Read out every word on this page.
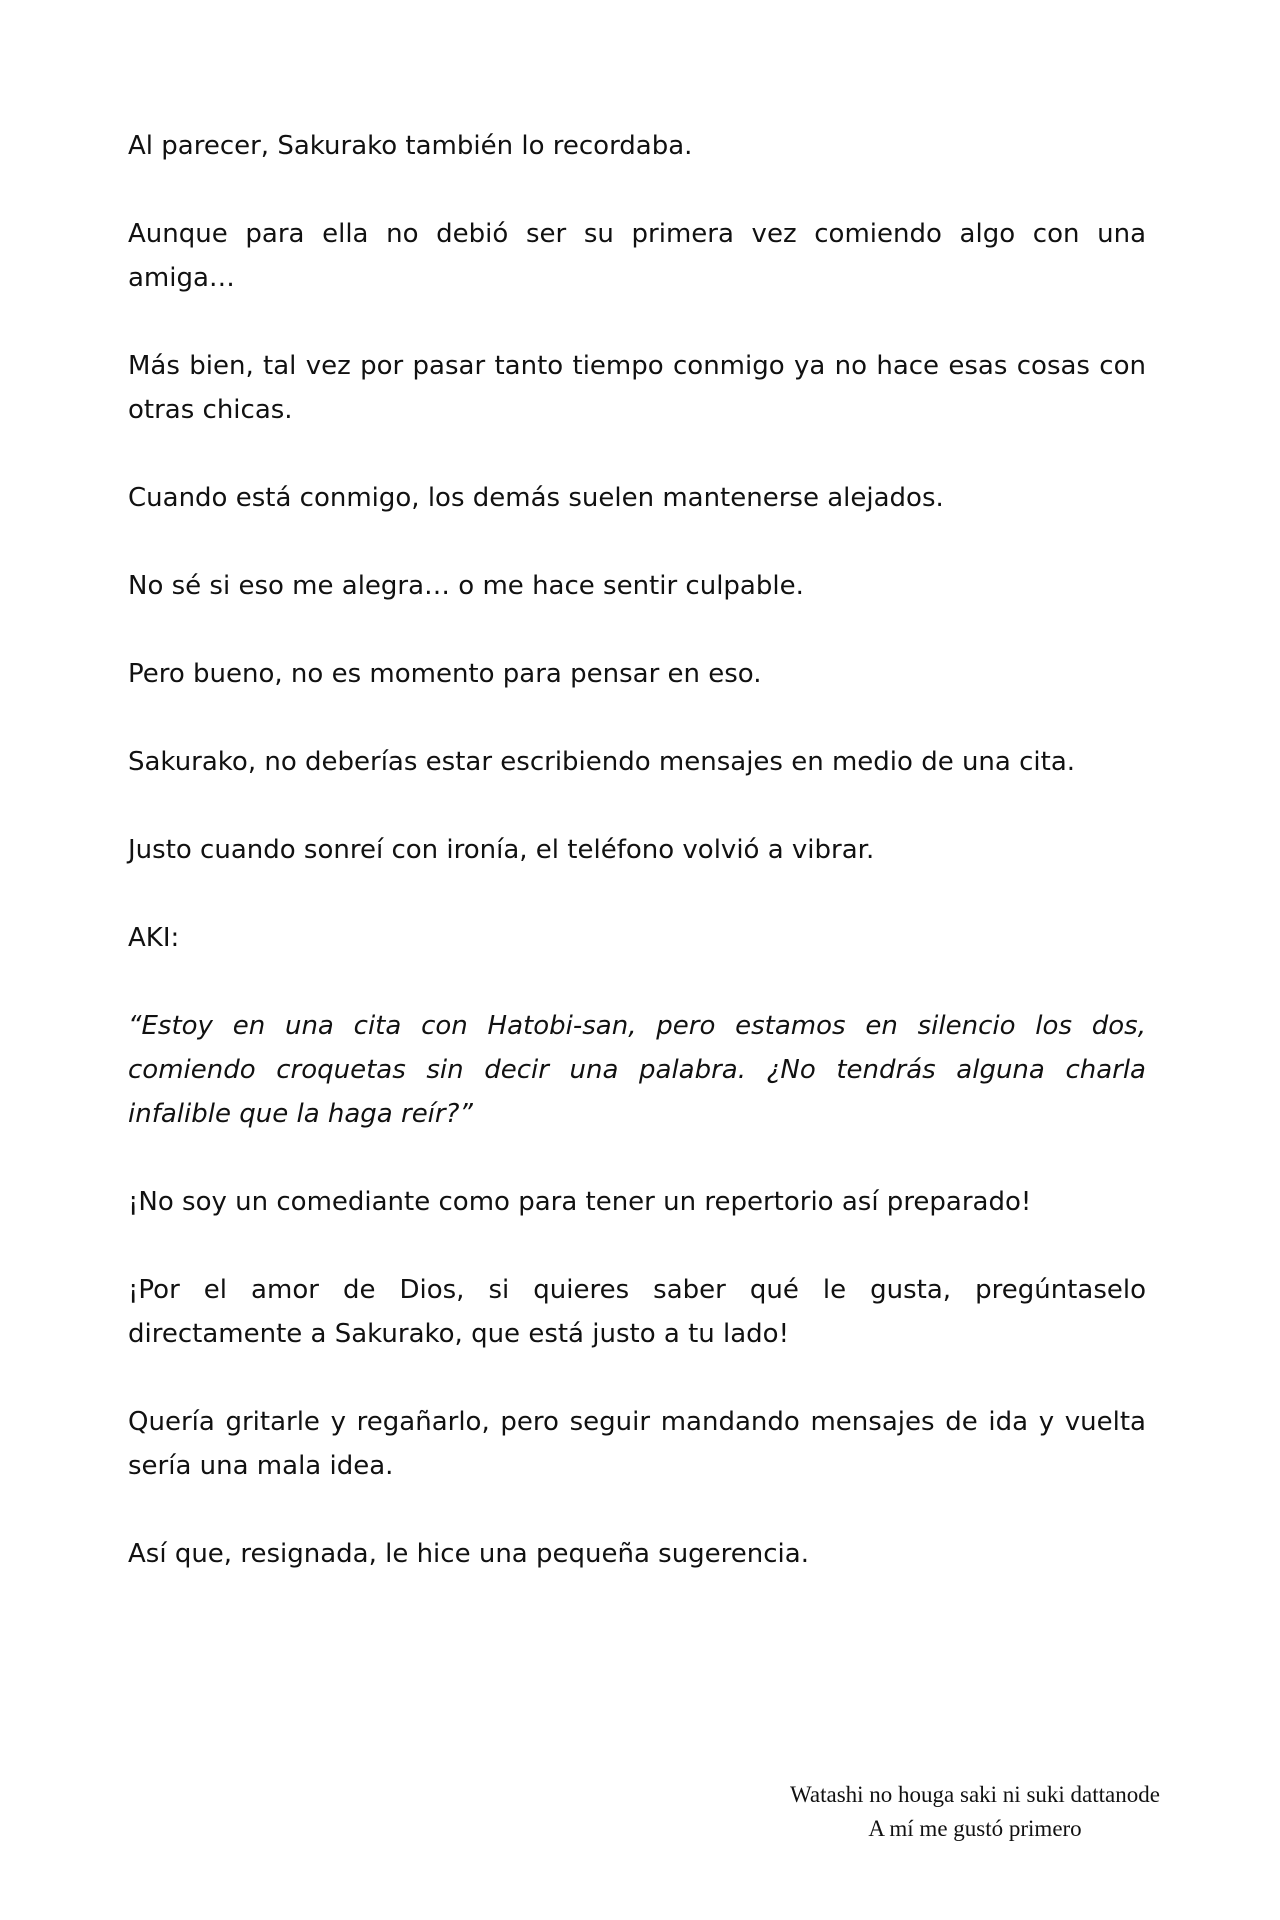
Al parecer, Sakurako también lo recordaba.

Aunque para ella no debió ser su primera vez comiendo algo con una amiga…

Más bien, tal vez por pasar tanto tiempo conmigo ya no hace esas cosas con otras chicas.

Cuando está conmigo, los demás suelen mantenerse alejados.

No sé si eso me alegra… o me hace sentir culpable.

Pero bueno, no es momento para pensar en eso.

Sakurako, no deberías estar escribiendo mensajes en medio de una cita.

Justo cuando sonreí con ironía, el teléfono volvió a vibrar.

AKI:

“Estoy en una cita con Hatobi-san, pero estamos en silencio los dos, comiendo croquetas sin decir una palabra. ¿No tendrás alguna charla infalible que la haga reír?”

¡No soy un comediante como para tener un repertorio así preparado!

¡Por el amor de Dios, si quieres saber qué le gusta, pregúntaselo directamente a Sakurako, que está justo a tu lado!

Quería gritarle y regañarlo, pero seguir mandando mensajes de ida y vuelta sería una mala idea.

Así que, resignada, le hice una pequeña sugerencia.

Watashi no houga saki ni suki dattanode
A mí me gustó primero
